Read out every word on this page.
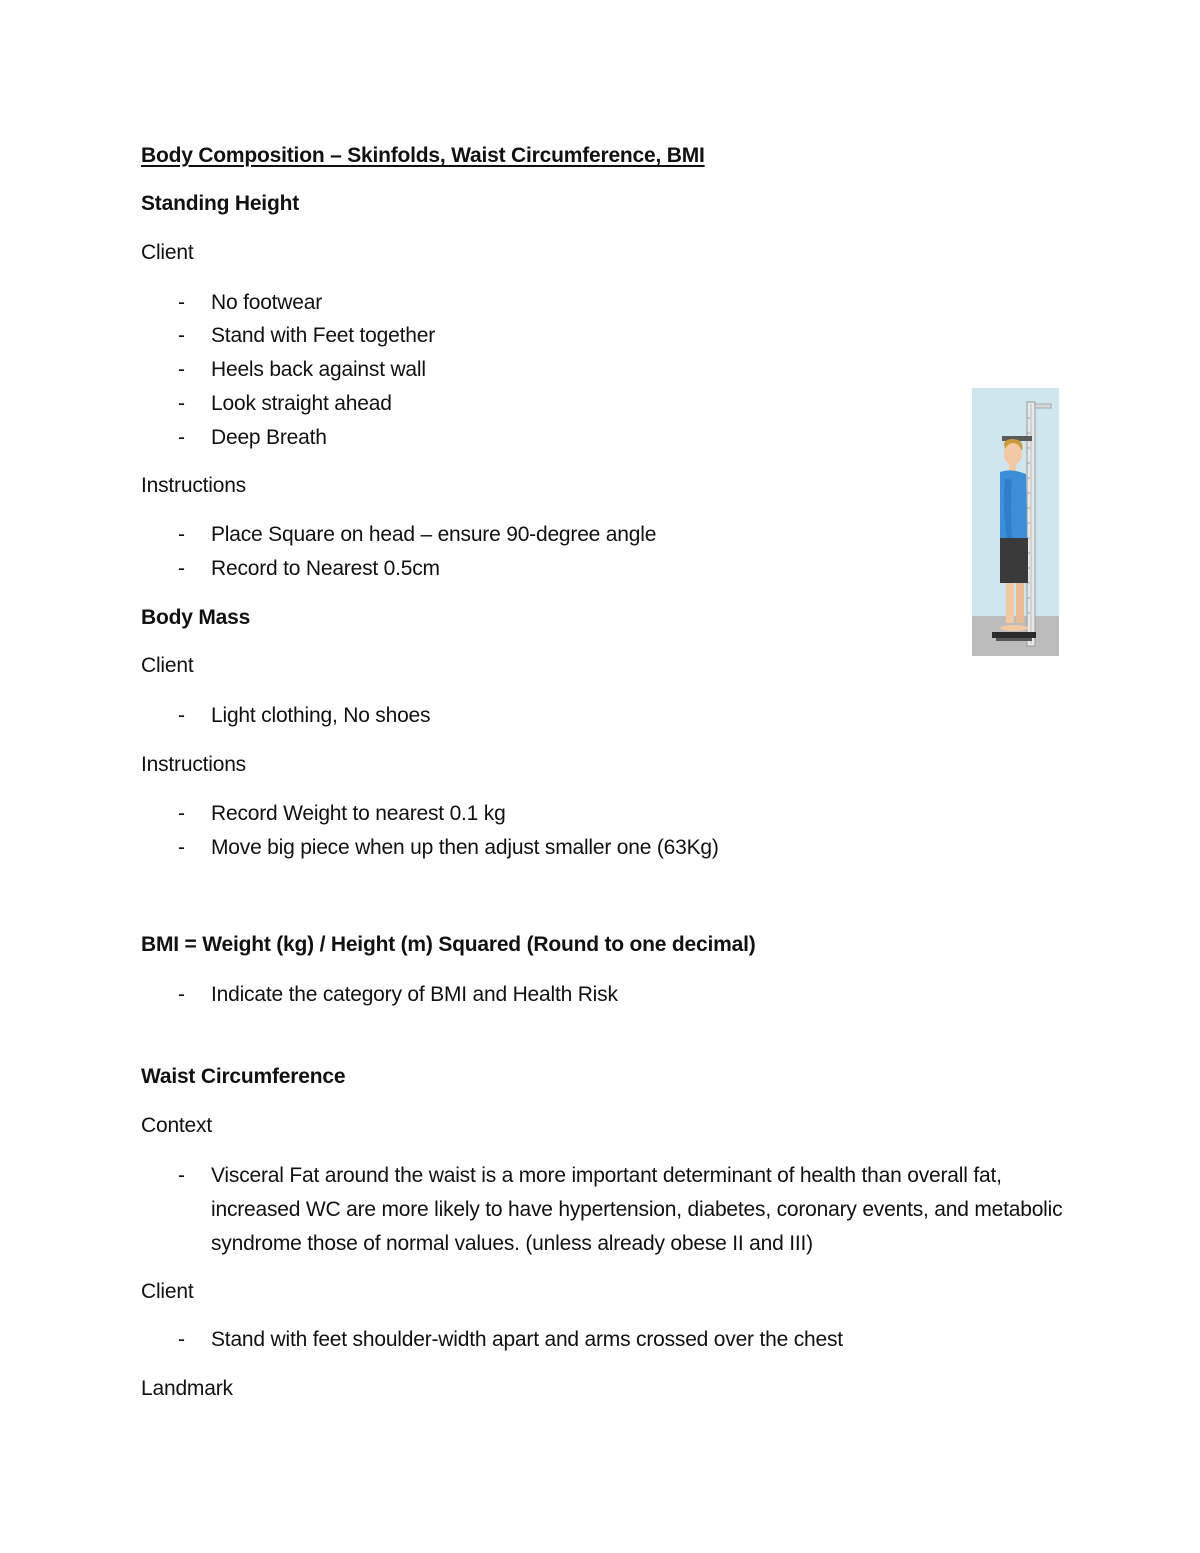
Body Composition – Skinfolds, Waist Circumference, BMI
Standing Height
Client
- No footwear
- Stand with Feet together
- Heels back against wall
- Look straight ahead
- Deep Breath
Instructions
- Place Square on head – ensure 90-degree angle
- Record to Nearest 0.5cm
Body Mass
Client
- Light clothing, No shoes
Instructions
- Record Weight to nearest 0.1 kg
- Move big piece when up then adjust smaller one (63Kg)
BMI = Weight (kg) / Height (m) Squared (Round to one decimal)
- Indicate the category of BMI and Health Risk
Waist Circumference
Context
- Visceral Fat around the waist is a more important determinant of health than overall fat, increased WC are more likely to have hypertension, diabetes, coronary events, and metabolic syndrome those of normal values. (unless already obese II and III)
Client
- Stand with feet shoulder-width apart and arms crossed over the chest
Landmark
